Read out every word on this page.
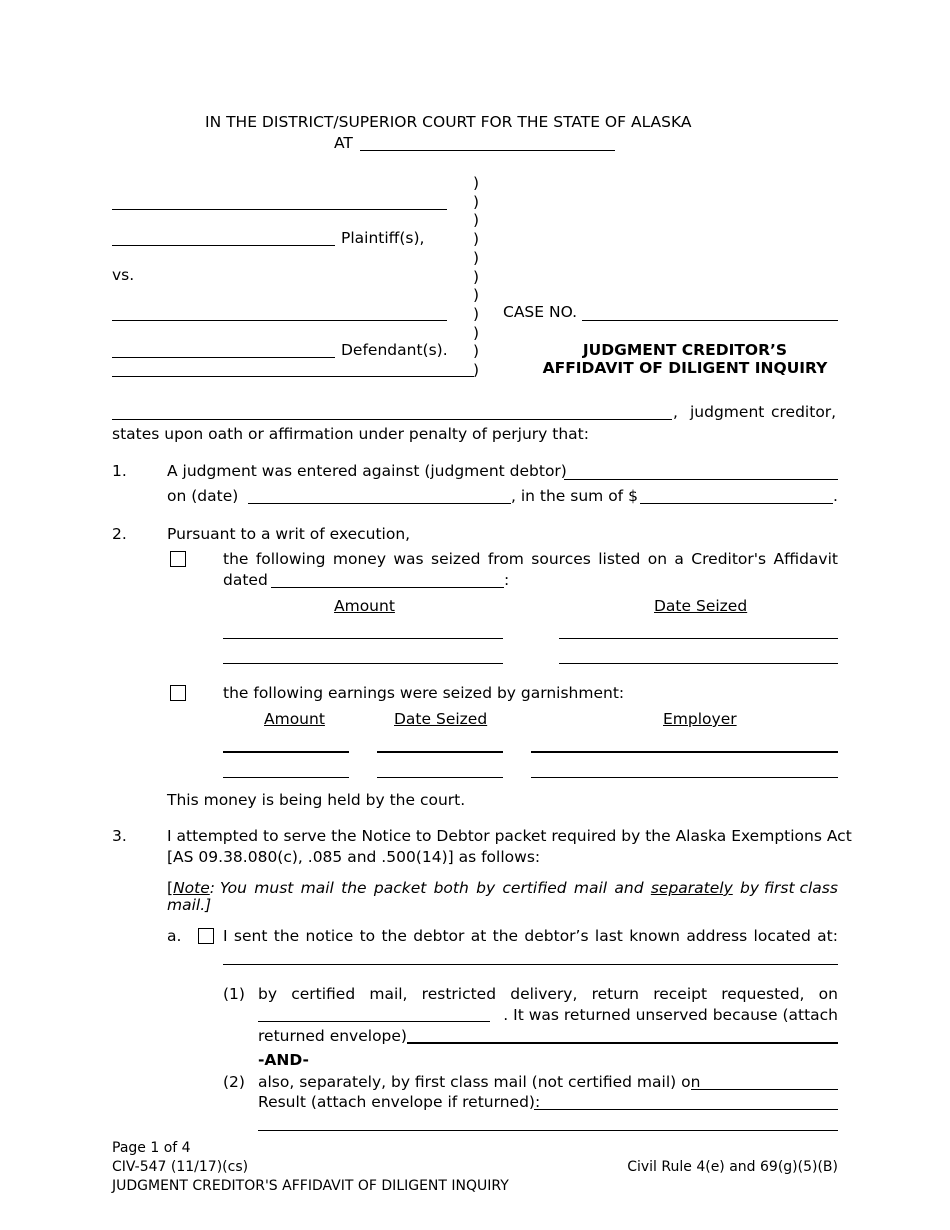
IN THE DISTRICT/SUPERIOR COURT FOR THE STATE OF ALASKA
AT
Plaintiff(s),
vs.
Defendant(s).
)
)
)
)
)
)
)
)
)
)
)
CASE NO.
JUDGMENT CREDITOR’S
AFFIDAVIT OF DILIGENT INQUIRY
, judgment creditor,
states upon oath or affirmation under penalty of perjury that:
1.	A judgment was entered against (judgment debtor)
on (date)	, in the sum of $	.
2.	Pursuant to a writ of execution,
the following money was seized from sources listed on a Creditor's Affidavit
dated	:
Amount	Date Seized
the following earnings were seized by garnishment:
Amount	Date Seized	Employer
This money is being held by the court.
3.	I attempted to serve the Notice to Debtor packet required by the Alaska Exemptions Act
[AS 09.38.080(c), .085 and .500(14)] as follows:
[Note: You must mail the packet both by certified mail and separately by first class
mail.]
a.	I sent the notice to the debtor at the debtor’s last known address located at:
(1) by certified mail, restricted delivery, return receipt requested, on
. It was returned unserved because (attach
returned envelope)
-AND-
(2) also, separately, by first class mail (not certified mail) on
Result (attach envelope if returned):
Page 1 of 4
CIV-547 (11/17)(cs)	Civil Rule 4(e) and 69(g)(5)(B)
JUDGMENT CREDITOR'S AFFIDAVIT OF DILIGENT INQUIRY
